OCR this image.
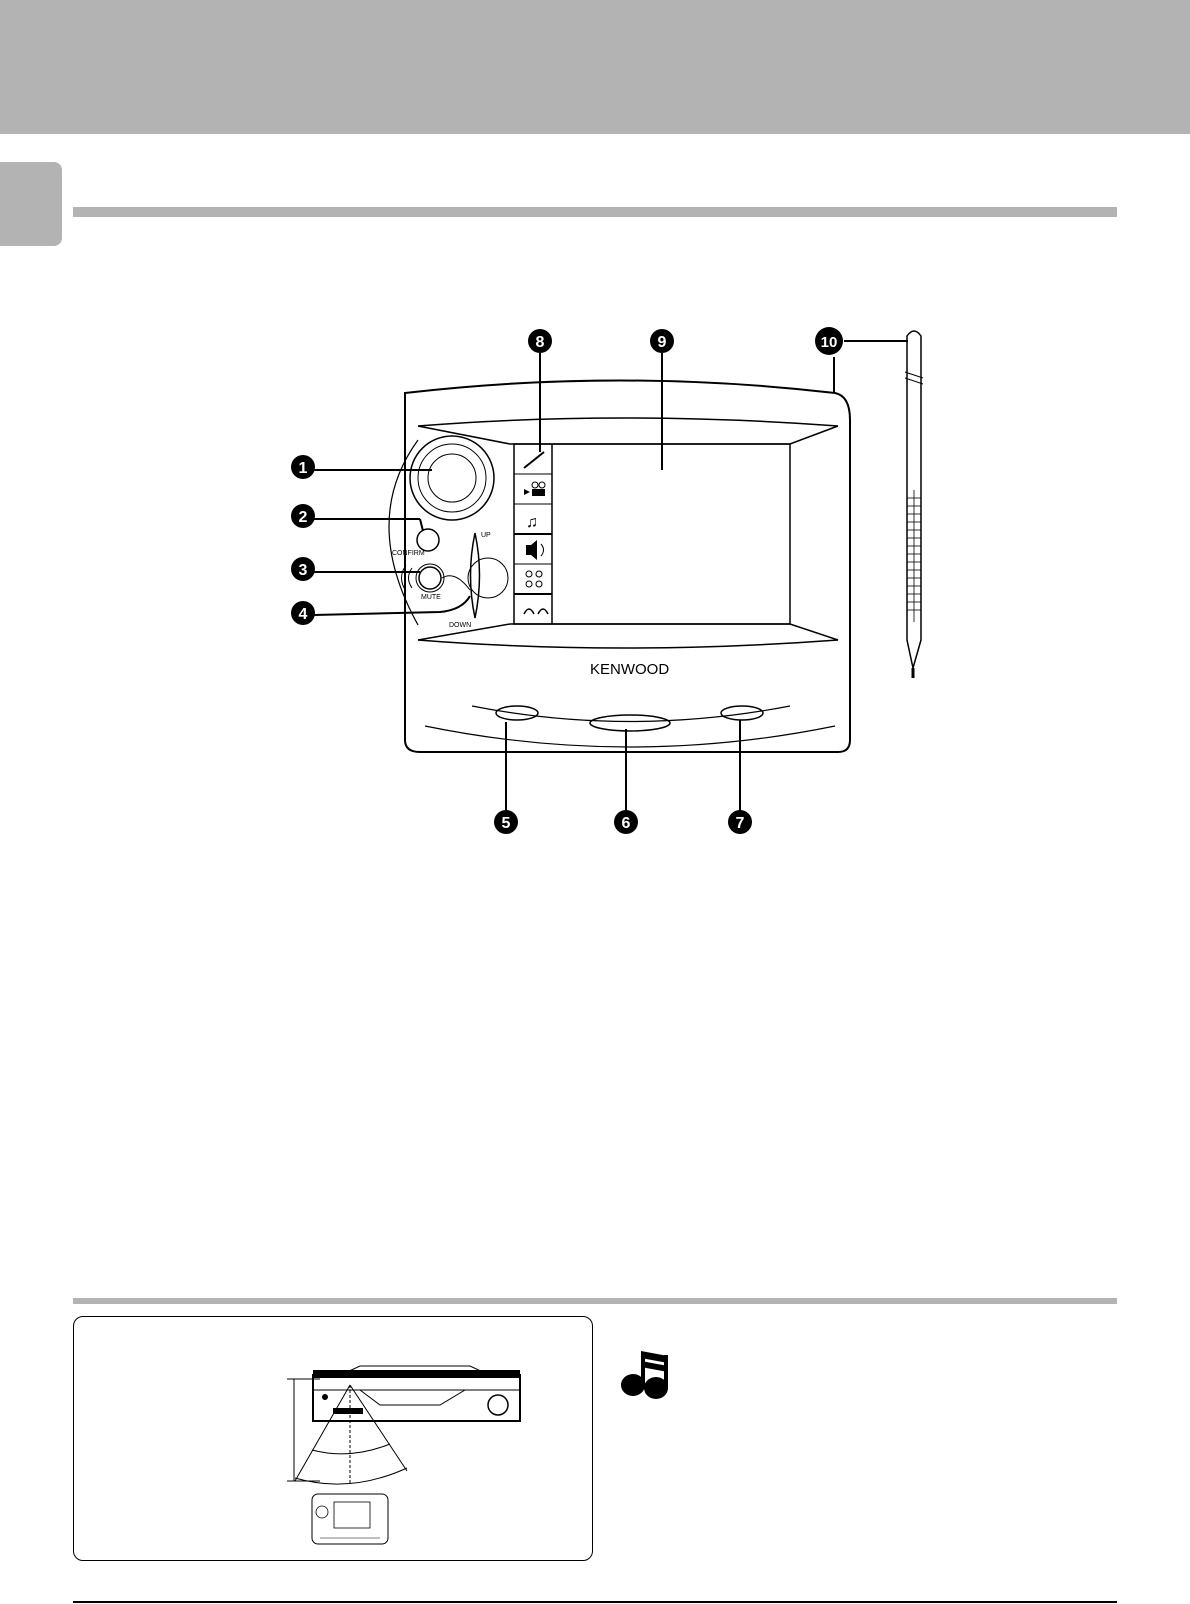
♫
CONFIRM
MUTE
UP
DOWN
KENWOOD
1
2
3
4
5	6	7
8	9	10
